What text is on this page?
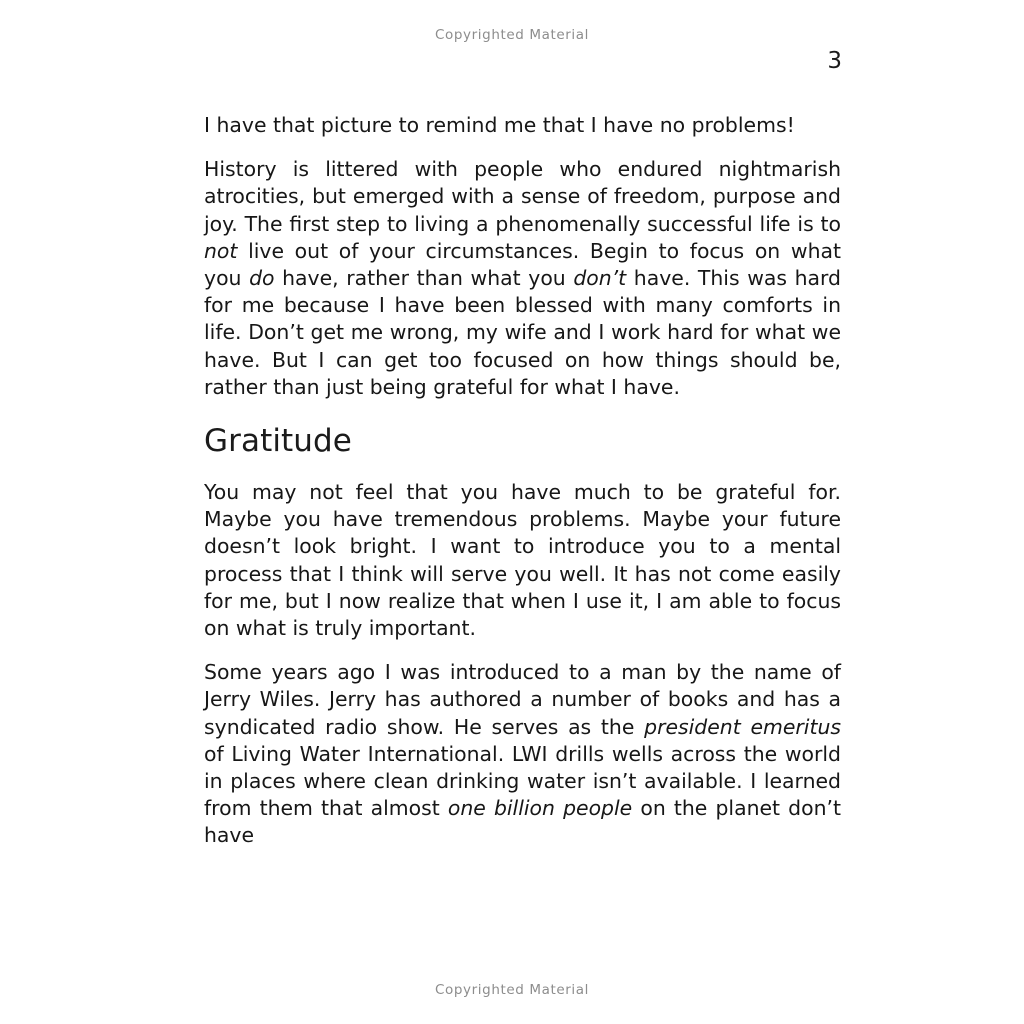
Copyrighted Material
3

I have that picture to remind me that I have no problems!

History is littered with people who endured nightmarish atrocities, but emerged with a sense of freedom, purpose and joy. The first step to living a phenomenally successful life is to not live out of your circumstances. Begin to focus on what you do have, rather than what you don’t have. This was hard for me because I have been blessed with many comforts in life. Don’t get me wrong, my wife and I work hard for what we have. But I can get too focused on how things should be, rather than just being grateful for what I have.

Gratitude

You may not feel that you have much to be grateful for. Maybe you have tremendous problems. Maybe your future doesn’t look bright. I want to introduce you to a mental process that I think will serve you well. It has not come easily for me, but I now realize that when I use it, I am able to focus on what is truly important.

Some years ago I was introduced to a man by the name of Jerry Wiles. Jerry has authored a number of books and has a syndicated radio show. He serves as the president emeritus of Living Water International. LWI drills wells across the world in places where clean drinking water isn’t available. I learned from them that almost one billion people on the planet don’t have

Copyrighted Material
